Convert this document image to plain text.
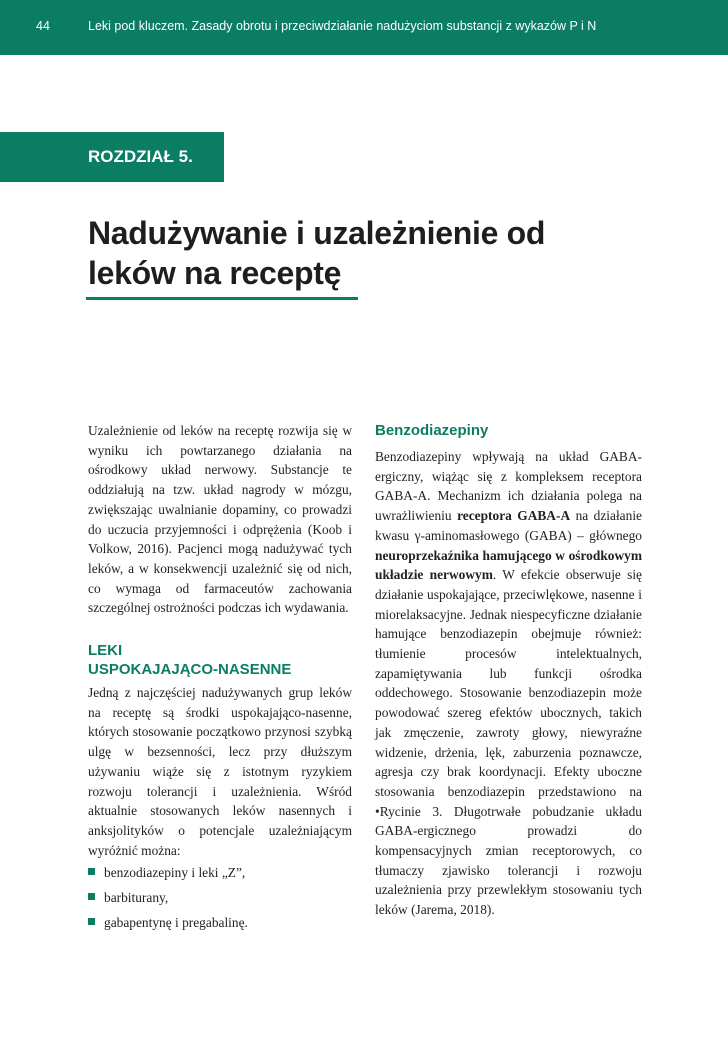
44	Leki pod kluczem. Zasady obrotu i przeciwdziałanie nadużyciom substancji z wykazów P i N
ROZDZIAŁ 5.
Nadużywanie i uzależnienie od
leków na receptę

Uzależnienie od leków na receptę rozwija się w wyniku ich powtarzanego działania na ośrodkowy układ nerwowy. Substancje te oddziałują na tzw. układ nagrody w mózgu, zwiększając uwalnianie dopaminy, co prowadzi do uczucia przyjemności i odprężenia (Koob i Volkow, 2016). Pacjenci mogą nadużywać tych leków, a w konsekwencji uzależnić się od nich, co wymaga od farmaceutów zachowania szczególnej ostrożności podczas ich wydawania.

LEKI
USPOKAJAJĄCO-NASENNE

Jedną z najczęściej nadużywanych grup leków na receptę są środki uspokajająco-nasenne, których stosowanie początkowo przynosi szybką ulgę w bezsenności, lecz przy dłuższym używaniu wiąże się z istotnym ryzykiem rozwoju tolerancji i uzależnienia. Wśród aktualnie stosowanych leków nasennych i anksjolityków o potencjale uzależniającym wyróżnić można:

benzodiazepiny i leki „Z”,
barbiturany,
gabapentynę i pregabalinę.
Benzodiazepiny

Benzodiazepiny wpływają na układ GABA-ergiczny, wiążąc się z kompleksem receptora GABA-A. Mechanizm ich działania polega na uwrażliwieniu receptora GABA-A na działanie kwasu γ-aminomasłowego (GABA) – głównego neuroprzekaźnika hamującego w ośrodkowym układzie nerwowym. W efekcie obserwuje się działanie uspokajające, przeciwlękowe, nasenne i miorelaksacyjne. Jednak niespecyficzne działanie hamujące benzodiazepin obejmuje również: tłumienie procesów intelektualnych, zapamiętywania lub funkcji ośrodka oddechowego. Stosowanie benzodiazepin może powodować szereg efektów ubocznych, takich jak zmęczenie, zawroty głowy, niewyraźne widzenie, drżenia, lęk, zaburzenia poznawcze, agresja czy brak koordynacji. Efekty uboczne stosowania benzodiazepin przedstawiono na •Rycinie 3. Długotrwałe pobudzanie układu GABA-ergicznego prowadzi do kompensacyjnych zmian receptorowych, co tłumaczy zjawisko tolerancji i rozwoju uzależnienia przy przewlekłym stosowaniu tych leków (Jarema, 2018).
